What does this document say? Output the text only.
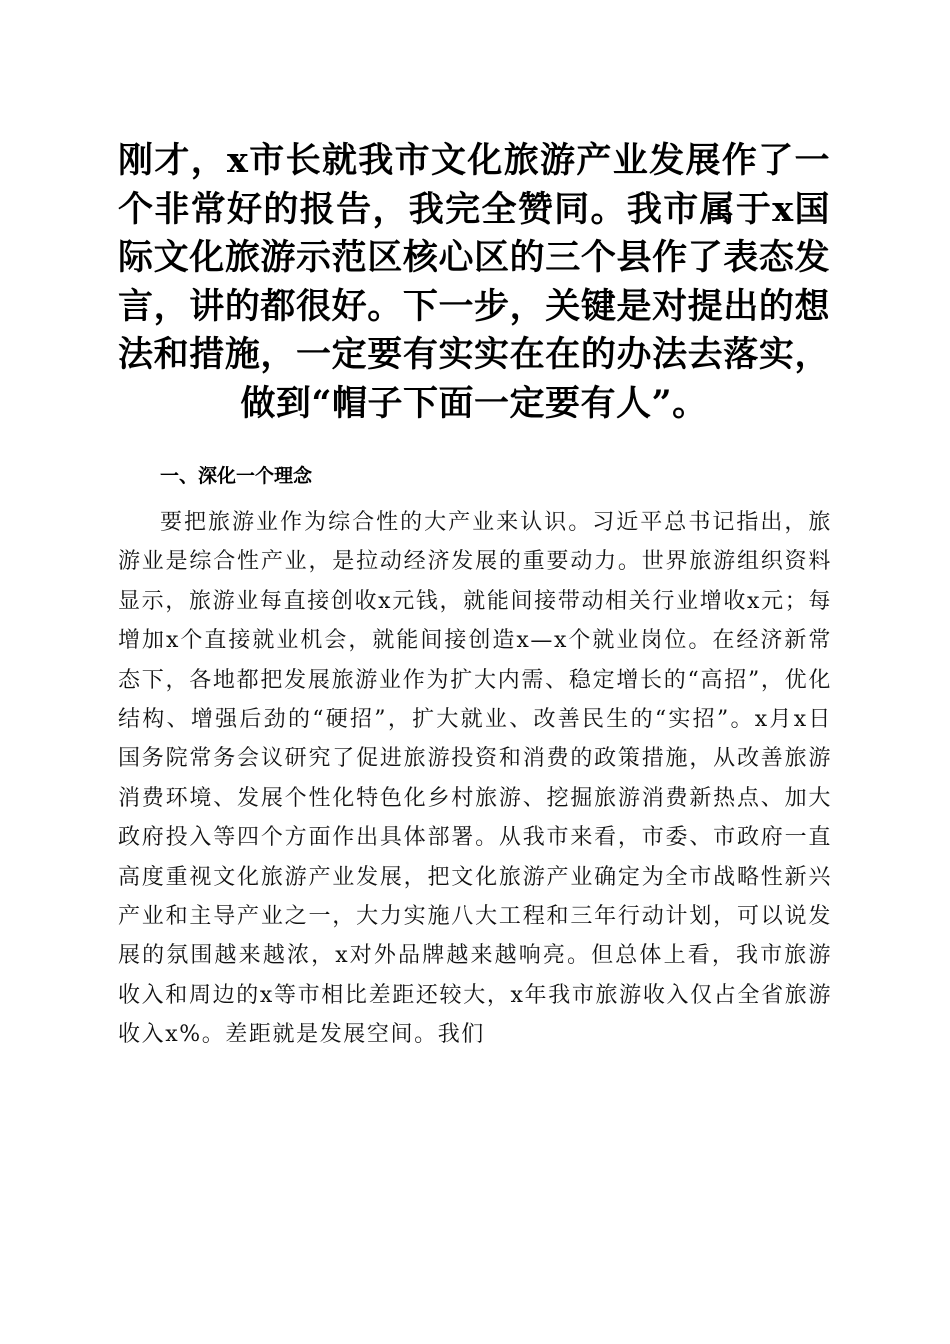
刚才，x市长就我市文化旅游产业发展作了一个非常好的报告，我完全赞同。我市属于x国际文化旅游示范区核心区的三个县作了表态发言，讲的都很好。下一步，关键是对提出的想法和措施，一定要有实实在在的办法去落实，做到“帽子下面一定要有人”。
一、深化一个理念

要把旅游业作为综合性的大产业来认识。习近平总书记指出，旅游业是综合性产业，是拉动经济发展的重要动力。世界旅游组织资料显示，旅游业每直接创收x元钱，就能间接带动相关行业增收x元；每增加x个直接就业机会，就能间接创造x—x个就业岗位。在经济新常态下，各地都把发展旅游业作为扩大内需、稳定增长的“高招”，优化结构、增强后劲的“硬招”，扩大就业、改善民生的“实招”。x月x日国务院常务会议研究了促进旅游投资和消费的政策措施，从改善旅游消费环境、发展个性化特色化乡村旅游、挖掘旅游消费新热点、加大政府投入等四个方面作出具体部署。从我市来看，市委、市政府一直高度重视文化旅游产业发展，把文化旅游产业确定为全市战略性新兴产业和主导产业之一，大力实施八大工程和三年行动计划，可以说发展的氛围越来越浓，x对外品牌越来越响亮。但总体上看，我市旅游收入和周边的x等市相比差距还较大，x年我市旅游收入仅占全省旅游收入x%。差距就是发展空间。我们
